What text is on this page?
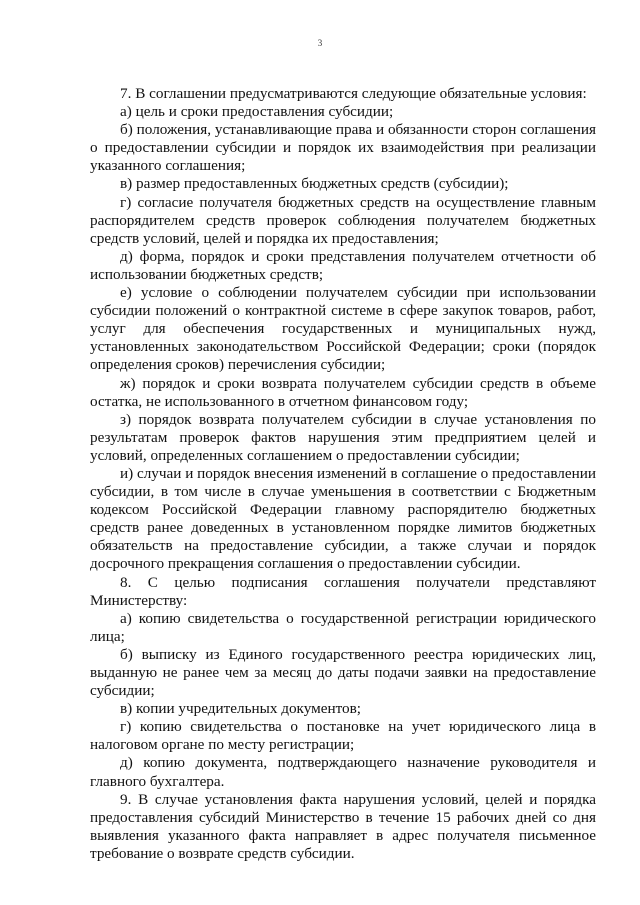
3

7. В соглашении предусматриваются следующие обязательные условия:

а) цель и сроки предоставления субсидии;

б) положения, устанавливающие права и обязанности сторон соглашения о предоставлении субсидии и порядок их взаимодействия при реализации указанного соглашения;

в) размер предоставленных бюджетных средств (субсидии);

г) согласие получателя бюджетных средств на осуществление главным распорядителем средств проверок соблюдения получателем бюджетных средств условий, целей и порядка их предоставления;

д) форма, порядок и сроки представления получателем отчетности об использовании бюджетных средств;

е) условие о соблюдении получателем субсидии при использовании субсидии положений о контрактной системе в сфере закупок товаров, работ, услуг для обеспечения государственных и муниципальных нужд, установленных законодательством Российской Федерации; сроки (порядок определения сроков) перечисления субсидии;

ж) порядок и сроки возврата получателем субсидии средств в объеме остатка, не использованного в отчетном финансовом году;

з) порядок возврата получателем субсидии в случае установления по результатам проверок фактов нарушения этим предприятием целей и условий, определенных соглашением о предоставлении субсидии;

и) случаи и порядок внесения изменений в соглашение о предоставлении субсидии, в том числе в случае уменьшения в соответствии с Бюджетным кодексом Российской Федерации главному распорядителю бюджетных средств ранее доведенных в установленном порядке лимитов бюджетных обязательств на предоставление субсидии, а также случаи и порядок досрочного прекращения соглашения о предоставлении субсидии.

8. С целью подписания соглашения получатели представляют Министерству:

а) копию свидетельства о государственной регистрации юридического лица;

б) выписку из Единого государственного реестра юридических лиц, выданную не ранее чем за месяц до даты подачи заявки на предоставление субсидии;

в) копии учредительных документов;

г) копию свидетельства о постановке на учет юридического лица в налоговом органе по месту регистрации;

д) копию документа, подтверждающего назначение руководителя и главного бухгалтера.

9. В случае установления факта нарушения условий, целей и порядка предоставления субсидий Министерство в течение 15 рабочих дней со дня выявления указанного факта направляет в адрес получателя письменное требование о возврате средств субсидии.
